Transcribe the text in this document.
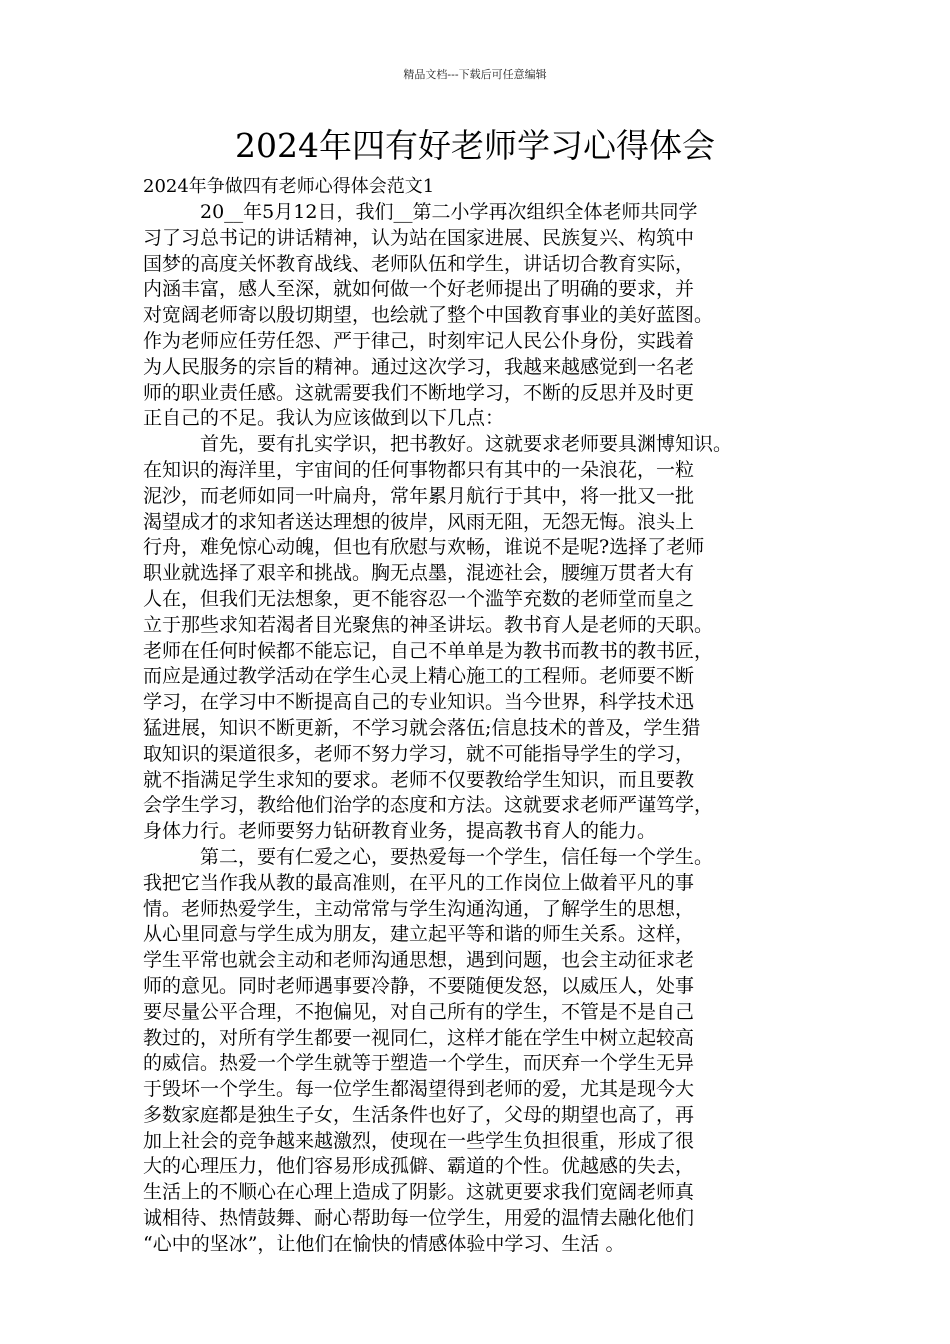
精品文档---下载后可任意编辑
2024年四有好老师学习心得体会

2024年争做四有老师心得体会范文1

20__年5月12日，我们__第二小学再次组织全体老师共同学
习了习总书记的讲话精神，认为站在国家进展、民族复兴、构筑中
国梦的高度关怀教育战线、老师队伍和学生，讲话切合教育实际，
内涵丰富，感人至深，就如何做一个好老师提出了明确的要求，并
对宽阔老师寄以殷切期望，也绘就了整个中国教育事业的美好蓝图。
作为老师应任劳任怨、严于律己，时刻牢记人民公仆身份，实践着
为人民服务的宗旨的精神。通过这次学习，我越来越感觉到一名老
师的职业责任感。这就需要我们不断地学习，不断的反思并及时更
正自己的不足。我认为应该做到以下几点：

首先，要有扎实学识，把书教好。这就要求老师要具渊博知识。
在知识的海洋里，宇宙间的任何事物都只有其中的一朵浪花，一粒
泥沙，而老师如同一叶扁舟，常年累月航行于其中，将一批又一批
渴望成才的求知者送达理想的彼岸，风雨无阻，无怨无悔。浪头上
行舟，难免惊心动魄，但也有欣慰与欢畅，谁说不是呢?选择了老师
职业就选择了艰辛和挑战。胸无点墨，混迹社会，腰缠万贯者大有
人在，但我们无法想象，更不能容忍一个滥竽充数的老师堂而皇之
立于那些求知若渴者目光聚焦的神圣讲坛。教书育人是老师的天职。
老师在任何时候都不能忘记，自己不单单是为教书而教书的教书匠，
而应是通过教学活动在学生心灵上精心施工的工程师。老师要不断
学习，在学习中不断提高自己的专业知识。当今世界，科学技术迅
猛进展，知识不断更新，不学习就会落伍;信息技术的普及，学生猎
取知识的渠道很多，老师不努力学习，就不可能指导学生的学习，
就不指满足学生求知的要求。老师不仅要教给学生知识，而且要教
会学生学习，教给他们治学的态度和方法。这就要求老师严谨笃学，
身体力行。老师要努力钻研教育业务，提高教书育人的能力。

第二，要有仁爱之心，要热爱每一个学生，信任每一个学生。
我把它当作我从教的最高准则，在平凡的工作岗位上做着平凡的事
情。老师热爱学生，主动常常与学生沟通沟通，了解学生的思想，
从心里同意与学生成为朋友，建立起平等和谐的师生关系。这样，
学生平常也就会主动和老师沟通思想，遇到问题，也会主动征求老
师的意见。同时老师遇事要冷静，不要随便发怒，以威压人，处事
要尽量公平合理，不抱偏见，对自己所有的学生，不管是不是自己
教过的，对所有学生都要一视同仁，这样才能在学生中树立起较高
的威信。热爱一个学生就等于塑造一个学生，而厌弃一个学生无异
于毁坏一个学生。每一位学生都渴望得到老师的爱，尤其是现今大
多数家庭都是独生子女，生活条件也好了，父母的期望也高了，再
加上社会的竞争越来越激烈，使现在一些学生负担很重，形成了很
大的心理压力，他们容易形成孤僻、霸道的个性。优越感的失去，
生活上的不顺心在心理上造成了阴影。这就更要求我们宽阔老师真
诚相待、热情鼓舞、耐心帮助每一位学生，用爱的温情去融化他们
“心中的坚冰”，让他们在愉快的情感体验中学习、生活 。
